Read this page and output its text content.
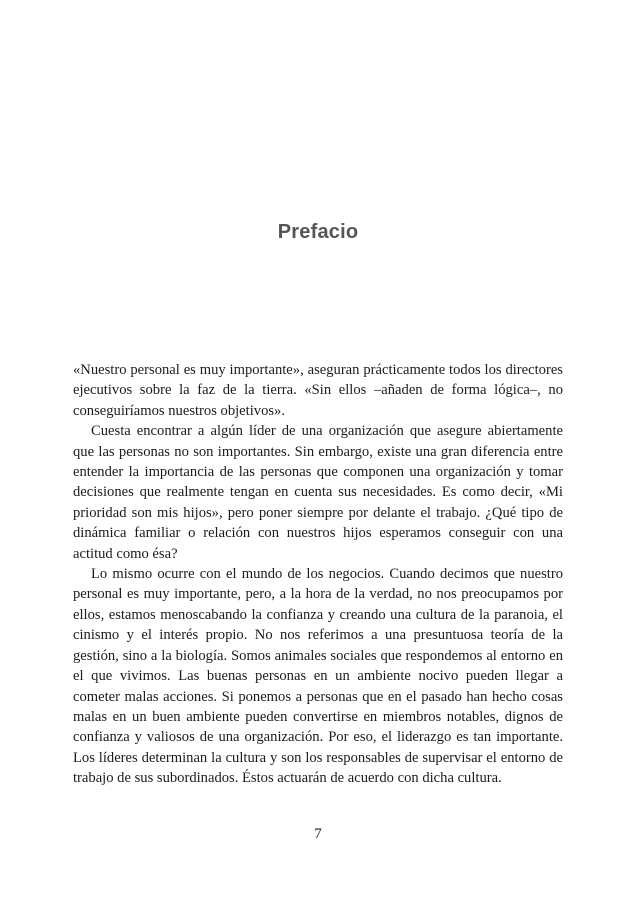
Prefacio

«Nuestro personal es muy importante», aseguran prácticamente todos los directores ejecutivos sobre la faz de la tierra. «Sin ellos –añaden de forma lógica–, no conseguiríamos nuestros objetivos».

Cuesta encontrar a algún líder de una organización que asegure abiertamente que las personas no son importantes. Sin embargo, existe una gran diferencia entre entender la importancia de las personas que componen una organización y tomar decisiones que realmente tengan en cuenta sus necesidades. Es como decir, «Mi prioridad son mis hijos», pero poner siempre por delante el trabajo. ¿Qué tipo de dinámica familiar o relación con nuestros hijos esperamos conseguir con una actitud como ésa?

Lo mismo ocurre con el mundo de los negocios. Cuando decimos que nuestro personal es muy importante, pero, a la hora de la verdad, no nos preocupamos por ellos, estamos menoscabando la confianza y creando una cultura de la paranoia, el cinismo y el interés propio. No nos referimos a una presuntuosa teoría de la gestión, sino a la biología. Somos animales sociales que respondemos al entorno en el que vivimos. Las buenas personas en un ambiente nocivo pueden llegar a cometer malas acciones. Si ponemos a personas que en el pasado han hecho cosas malas en un buen ambiente pueden convertirse en miembros notables, dignos de confianza y valiosos de una organización. Por eso, el liderazgo es tan importante. Los líderes determinan la cultura y son los responsables de supervisar el entorno de trabajo de sus subordinados. Éstos actuarán de acuerdo con dicha cultura.

7
